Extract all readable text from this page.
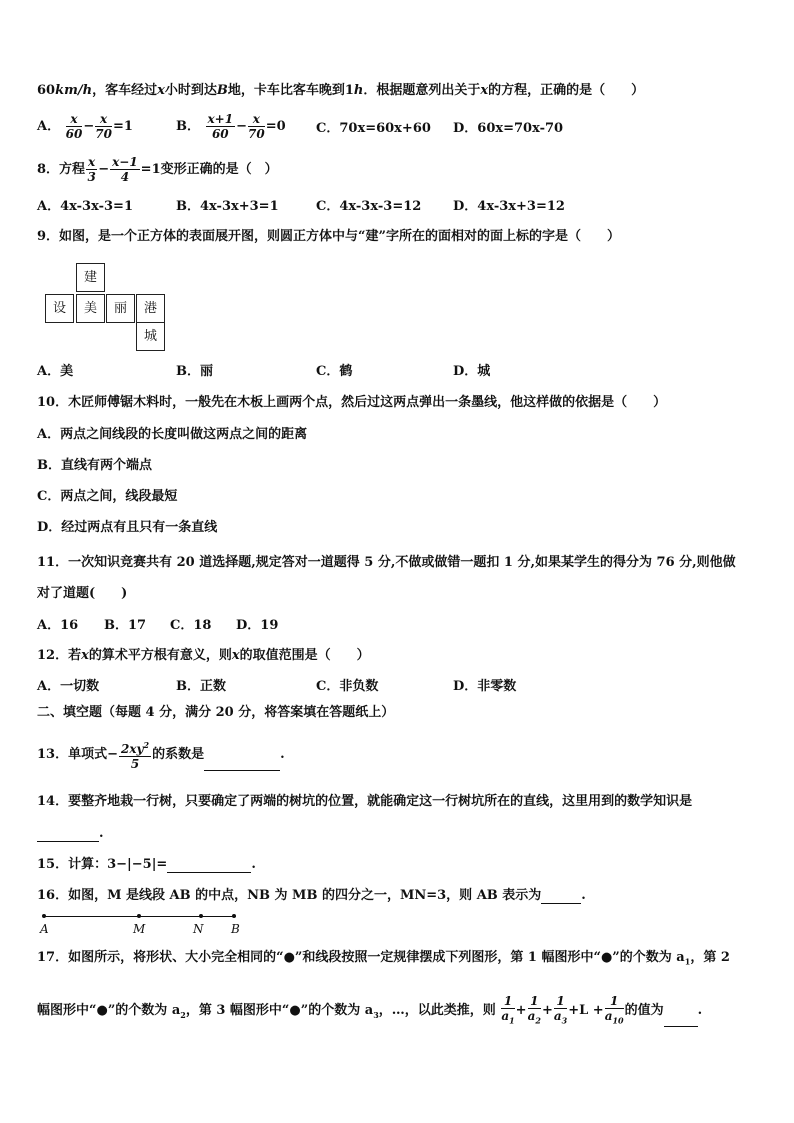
60km/h，客车经过x小时到达B地，卡车比客车晚到1h．根据题意列出关于x的方程，正确的是（　　）
A． $\frac{x}{60} - \frac{x}{70} =1$	B． $\frac{x+1}{60} - \frac{x}{70} =0$ C．70x=60x+60 D．60x=70x-70
8．方程 $\frac{x}{3} - \frac{x-1}{4} =1$变形正确的是（　）
A．4x-3x-3=1	B．4x-3x+3=1	C．4x-3x-3=12 D．4x-3x+3=12
9．如图，是一个正方体的表面展开图，则圆正方体中与“建”字所在的面相对的面上标的字是（　　）
建
设	美	丽	港
城
A．美	B．丽	C．鹤	D．城
10．木匠师傅锯木料时，一般先在木板上画两个点，然后过这两点弹出一条墨线，他这样做的依据是（　　）
A．两点之间线段的长度叫做这两点之间的距离
B．直线有两个端点
C．两点之间，线段最短
D．经过两点有且只有一条直线
11．一次知识竞赛共有 20 道选择题,规定答对一道题得 5 分,不做或做错一题扣 1 分,如果某学生的得分为 76 分,则他做
对了道题(　　)
A．16 B．17 C．18 D．19
12．若x的算术平方根有意义，则x的取值范围是（　　）
A．一切数	B．正数	C．非负数	D．非零数
二、填空题（每题 4 分，满分 20 分，将答案填在答题纸上）
13．单项式− $\frac{2xy^2}{5}$ 的系数是	.
14．要整齐地栽一行树，只要确定了两端的树坑的位置，就能确定这一行树坑所在的直线，这里用到的数学知识是
.
15．计算：3−|−5|=	.
16．如图，M 是线段 AB 的中点，NB 为 MB 的四分之一，MN=3，则 AB 表示为	.
A	M	N B
17．如图所示，将形状、大小完全相同的“●”和线段按照一定规律摆成下列图形，第 1 幅图形中“●”的个数为 $a_1$，第 2
幅图形中“●”的个数为 $a_2$，第 3 幅图形中“●”的个数为 $a_3$，…，以此类推，则 $\frac{1}{a_1} + \frac{1}{a_2} + \frac{1}{a_3} +L + \frac{1}{a_{10}}$ 的值为	.
